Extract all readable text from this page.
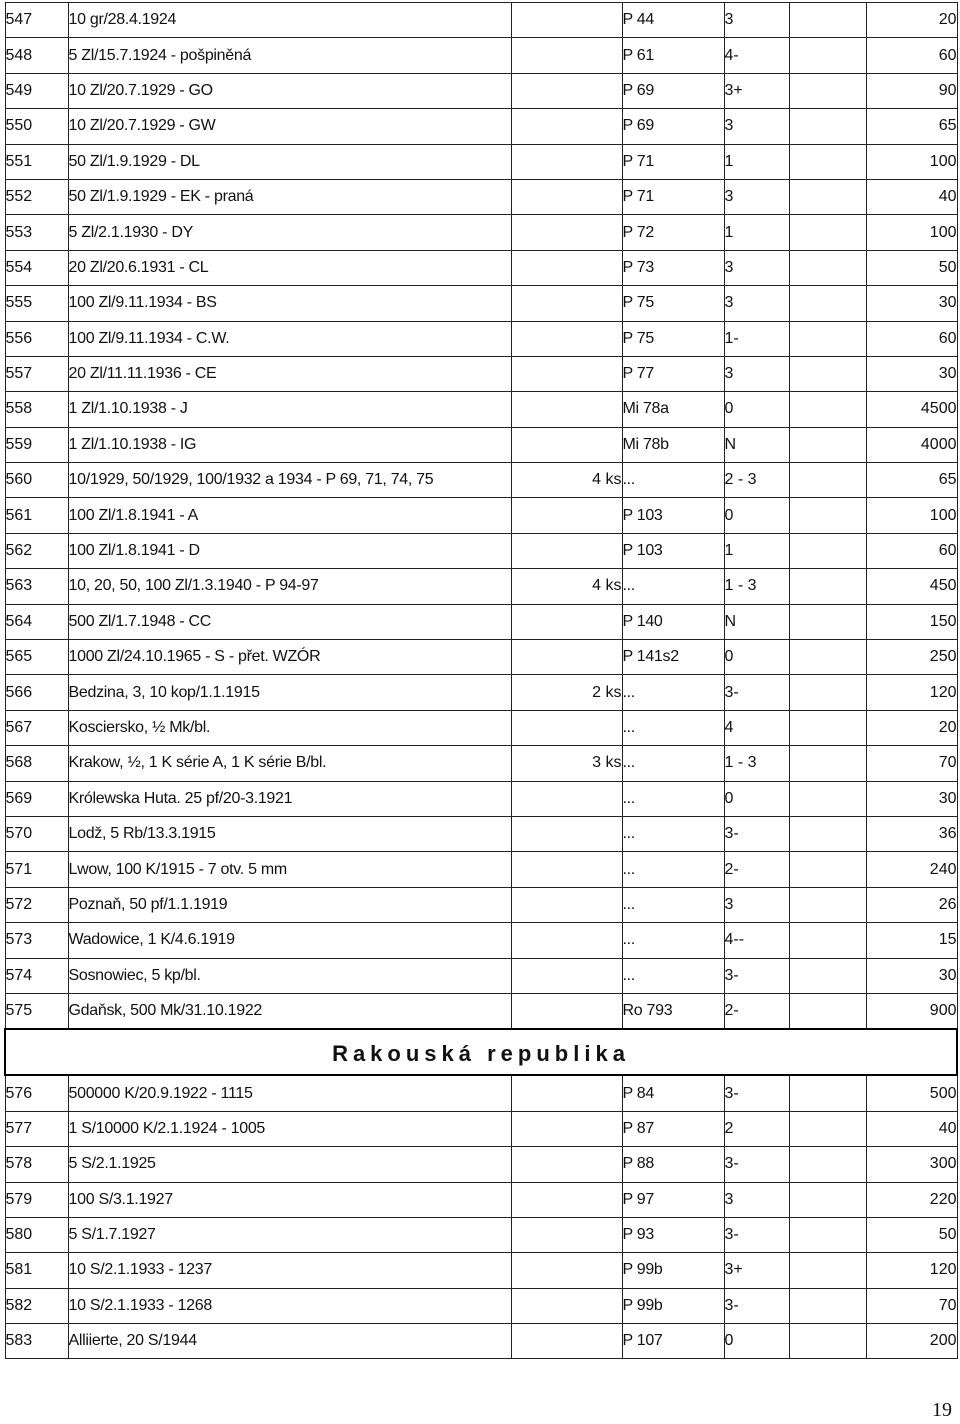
547	10 gr/28.4.1924		P 44	3		20
548	5 Zl/15.7.1924 - pošpiněná		P 61	4-		60
549	10 Zl/20.7.1929 - GO		P 69	3+		90
550	10 Zl/20.7.1929 - GW		P 69	3		65
551	50 Zl/1.9.1929 - DL		P 71	1		100
552	50 Zl/1.9.1929 - EK - praná		P 71	3		40
553	5 Zl/2.1.1930 - DY		P 72	1		100
554	20 Zl/20.6.1931 - CL		P 73	3		50
555	100 Zl/9.11.1934 - BS		P 75	3		30
556	100 Zl/9.11.1934 - C.W.		P 75	1-		60
557	20 Zl/11.11.1936 - CE		P 77	3		30
558	1 Zl/1.10.1938 - J		Mi 78a	0		4500
559	1 Zl/1.10.1938 - IG		Mi 78b	N		4000
560	10/1929, 50/1929, 100/1932 a 1934 - P 69, 71, 74, 75	4 ks	...	2 - 3		65
561	100 Zl/1.8.1941 - A		P 103	0		100
562	100 Zl/1.8.1941 - D		P 103	1		60
563	10, 20, 50, 100 Zl/1.3.1940 - P 94-97	4 ks	...	1 - 3		450
564	500 Zl/1.7.1948 - CC		P 140	N		150
565	1000 Zl/24.10.1965 - S - přet. WZÓR		P 141s2	0		250
566	Bedzina, 3, 10 kop/1.1.1915	2 ks	...	3-		120
567	Kosciersko, ½ Mk/bl.		...	4		20
568	Krakow, ½, 1 K série A, 1 K série B/bl.	3 ks	...	1 - 3		70
569	Królewska Huta. 25 pf/20-3.1921		...	0		30
570	Lodž, 5 Rb/13.3.1915		...	3-		36
571	Lwow, 100 K/1915 - 7 otv. 5 mm		...	2-		240
572	Poznaň, 50 pf/1.1.1919		...	3		26
573	Wadowice, 1 K/4.6.1919		...	4--		15
574	Sosnowiec, 5 kp/bl.		...	3-		30
575	Gdaňsk, 500 Mk/31.10.1922		Ro 793	2-		900
Rakouská republika						
576	500000 K/20.9.1922 - 1115		P 84	3-		500
577	1 S/10000 K/2.1.1924 - 1005		P 87	2		40
578	5 S/2.1.1925		P 88	3-		300
579	100 S/3.1.1927		P 97	3		220
580	5 S/1.7.1927		P 93	3-		50
581	10 S/2.1.1933 - 1237		P 99b	3+		120
582	10 S/2.1.1933 - 1268		P 99b	3-		70
583	Alliierte, 20 S/1944		P 107	0		200
19
